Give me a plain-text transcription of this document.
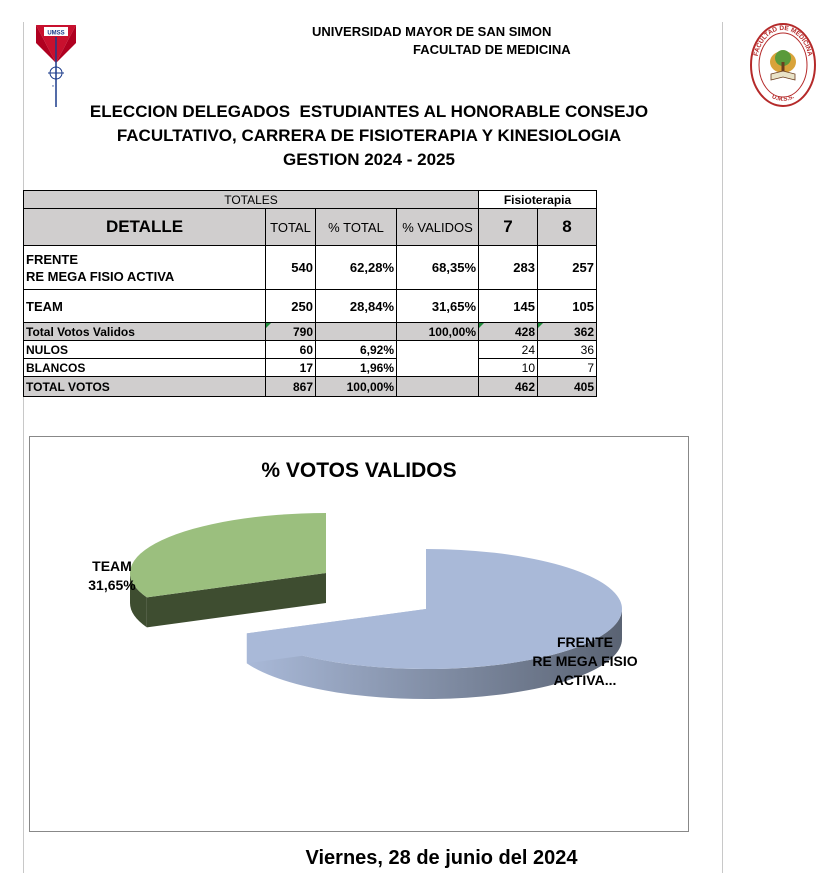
UMSS
*
FACULTAD DE MEDICINA
U.M.S.S.
UNIVERSIDAD MAYOR DE SAN SIMON
FACULTAD DE MEDICINA
ELECCION DELEGADOS  ESTUDIANTES AL HONORABLE CONSEJO
FACULTATIVO, CARRERA DE FISIOTERAPIA Y KINESIOLOGIA
GESTION 2024 - 2025
TOTALES				Fisioterapia	
DETALLE	TOTAL	% TOTAL	% VALIDOS	7	8

FRENTE
RE MEGA FISIO ACTIVA	540	62,28%	68,35%	283	257
TEAM	250	28,84%	31,65%	145	105
Total Votos Validos	790		100,00%	428	362
NULOS	60	6,92%		24	36
BLANCOS	17	1,96%		10	7
TOTAL VOTOS	867	100,00%		462	405
% VOTOS VALIDOS
TEAM
31,65%
FRENTE
RE MEGA FISIO
ACTIVA...
Viernes, 28 de junio del 2024
